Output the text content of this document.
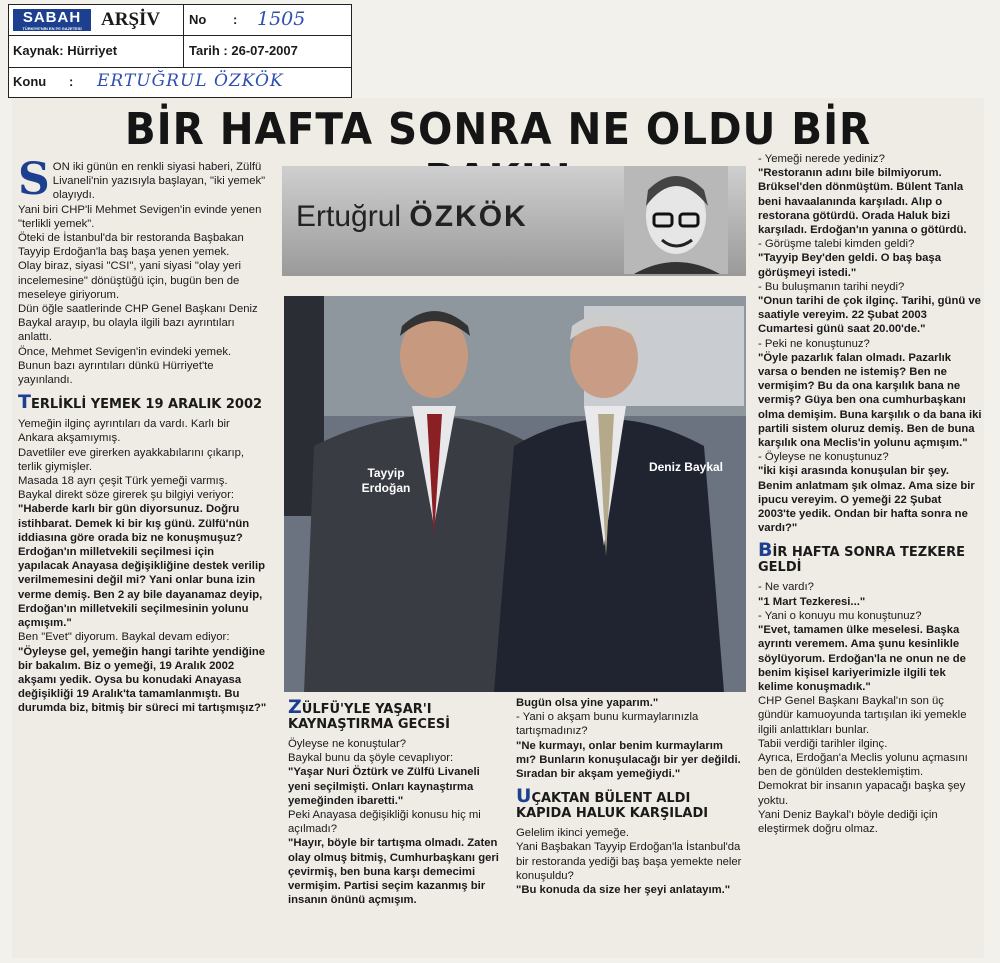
SABAH
TÜRKİYE'NİN EN İYİ GAZETESİ	ARŞİV No : 1505
Kaynak: Hürriyet	Tarih : 26-07-2007
Konu : ERTUĞRUL ÖZKÖK
BİR HAFTA SONRA NE OLDU BİR
Ertuğrul ÖZKÖK
Tayyip Erdoğan
Deniz Baykal
S ON iki günün en renkli siyasi haberi, Zülfü Livaneli'nin yazısıyla başlayan, "iki yemek" olayıydı.

Yani biri CHP'li Mehmet Sevigen'in evinde yenen "terlikli yemek".

Öteki de İstanbul'da bir restoranda Başbakan Tayyip Erdoğan'la baş başa yenen yemek.

Olay biraz, siyasi "CSI", yani siyasi "olay yeri incelemesine" dönüştüğü için, bugün ben de meseleye giriyorum.

Dün öğle saatlerinde CHP Genel Başkanı Deniz Baykal arayıp, bu olayla ilgili bazı ayrıntıları anlattı.

Önce, Mehmet Sevigen'in evindeki yemek.

Bunun bazı ayrıntıları dünkü Hürriyet'te yayınlandı.

TERLİKLİ YEMEK 19 ARALIK 2002

Yemeğin ilginç ayrıntıları da vardı. Karlı bir Ankara akşamıymış.

Davetliler eve girerken ayakkabılarını çıkarıp, terlik giymişler.

Masada 18 ayrı çeşit Türk yemeği varmış.

Baykal direkt söze girerek şu bilgiyi veriyor:

"Haberde karlı bir gün diyorsunuz. Doğru istihbarat. Demek ki bir kış günü. Zülfü'nün iddiasına göre orada biz ne konuşmuşuz? Erdoğan'ın milletvekili seçilmesi için yapılacak Anayasa değişikliğine destek verilip verilmemesini değil mi? Yani onlar buna izin verme demiş. Ben 2 ay bile dayanamaz deyip, Erdoğan'ın milletvekili seçilmesinin yolunu açmışım."

Ben "Evet" diyorum. Baykal devam ediyor:

"Öyleyse gel, yemeğin hangi tarihte yendiğine bir bakalım. Biz o yemeği, 19 Aralık 2002 akşamı yedik. Oysa bu konudaki Anayasa değişikliği 19 Aralık'ta tamamlanmıştı. Bu durumda biz, bitmiş bir süreci mi tartışmışız?" ZÜLFÜ'YLE YAŞAR'I KAYNAŞTIRMA GECESİ

Öyleyse ne konuştular?

Baykal bunu da şöyle cevaplıyor:

"Yaşar Nuri Öztürk ve Zülfü Livaneli yeni seçilmişti. Onları kaynaştırma yemeğinden ibaretti."

Peki Anayasa değişikliği konusu hiç mi açılmadı?

"Hayır, böyle bir tartışma olmadı. Zaten olay olmuş bitmiş, Cumhurbaşkanı geri çevirmiş, ben buna karşı demecimi vermişim. Partisi seçim kazanmış bir insanın önünü açmışım.

Bugün olsa yine yaparım."

- Yani o akşam bunu kurmaylarınızla tartışmadınız?

"Ne kurmayı, onlar benim kurmaylarım mı? Bunların konuşulacağı bir yer değildi. Sıradan bir akşam yemeğiydi."

UÇAKTAN BÜLENT ALDI KAPIDA HALUK KARŞILADI

Gelelim ikinci yemeğe.

Yani Başbakan Tayyip Erdoğan'la İstanbul'da bir restoranda yediği baş başa yemekte neler konuşuldu?

"Bu konuda da size her şeyi anlatayım."

- Yemeği nerede yediniz?

"Restoranın adını bile bilmiyorum. Brüksel'den dönmüştüm. Bülent Tanla beni havaalanında karşıladı. Alıp o restorana götürdü. Orada Haluk bizi karşıladı. Erdoğan'ın yanına o götürdü.

- Görüşme talebi kimden geldi?

"Tayyip Bey'den geldi. O baş başa görüşmeyi istedi."

- Bu buluşmanın tarihi neydi?

"Onun tarihi de çok ilginç. Tarihi, günü ve saatiyle vereyim. 22 Şubat 2003 Cumartesi günü saat 20.00'de."

- Peki ne konuştunuz?

"Öyle pazarlık falan olmadı. Pazarlık varsa o benden ne istemiş? Ben ne vermişim? Bu da ona karşılık bana ne vermiş? Güya ben ona cumhurbaşkanı olma demişim. Buna karşılık o da bana iki partili sistem oluruz demiş. Ben de buna karşılık ona Meclis'in yolunu açmışım."

- Öyleyse ne konuştunuz?

"İki kişi arasında konuşulan bir şey. Benim anlatmam şık olmaz. Ama size bir ipucu vereyim. O yemeği 22 Şubat 2003'te yedik. Ondan bir hafta sonra ne vardı?"

BİR HAFTA SONRA TEZKERE GELDİ

- Ne vardı?

"1 Mart Tezkeresi..."

- Yani o konuyu mu konuştunuz?

"Evet, tamamen ülke meselesi. Başka ayrıntı veremem. Ama şunu kesinlikle söylüyorum. Erdoğan'la ne onun ne de benim kişisel kariyerimizle ilgili tek kelime konuşmadık."

CHP Genel Başkanı Baykal'ın son üç gündür kamuoyunda tartışılan iki yemekle ilgili anlattıkları bunlar.

Tabii verdiği tarihler ilginç.

Ayrıca, Erdoğan'a Meclis yolunu açmasını ben de gönülden desteklemiştim.

Demokrat bir insanın yapacağı başka şey yoktu.

Yani Deniz Baykal'ı böyle dediği için eleştirmek doğru olmaz.
